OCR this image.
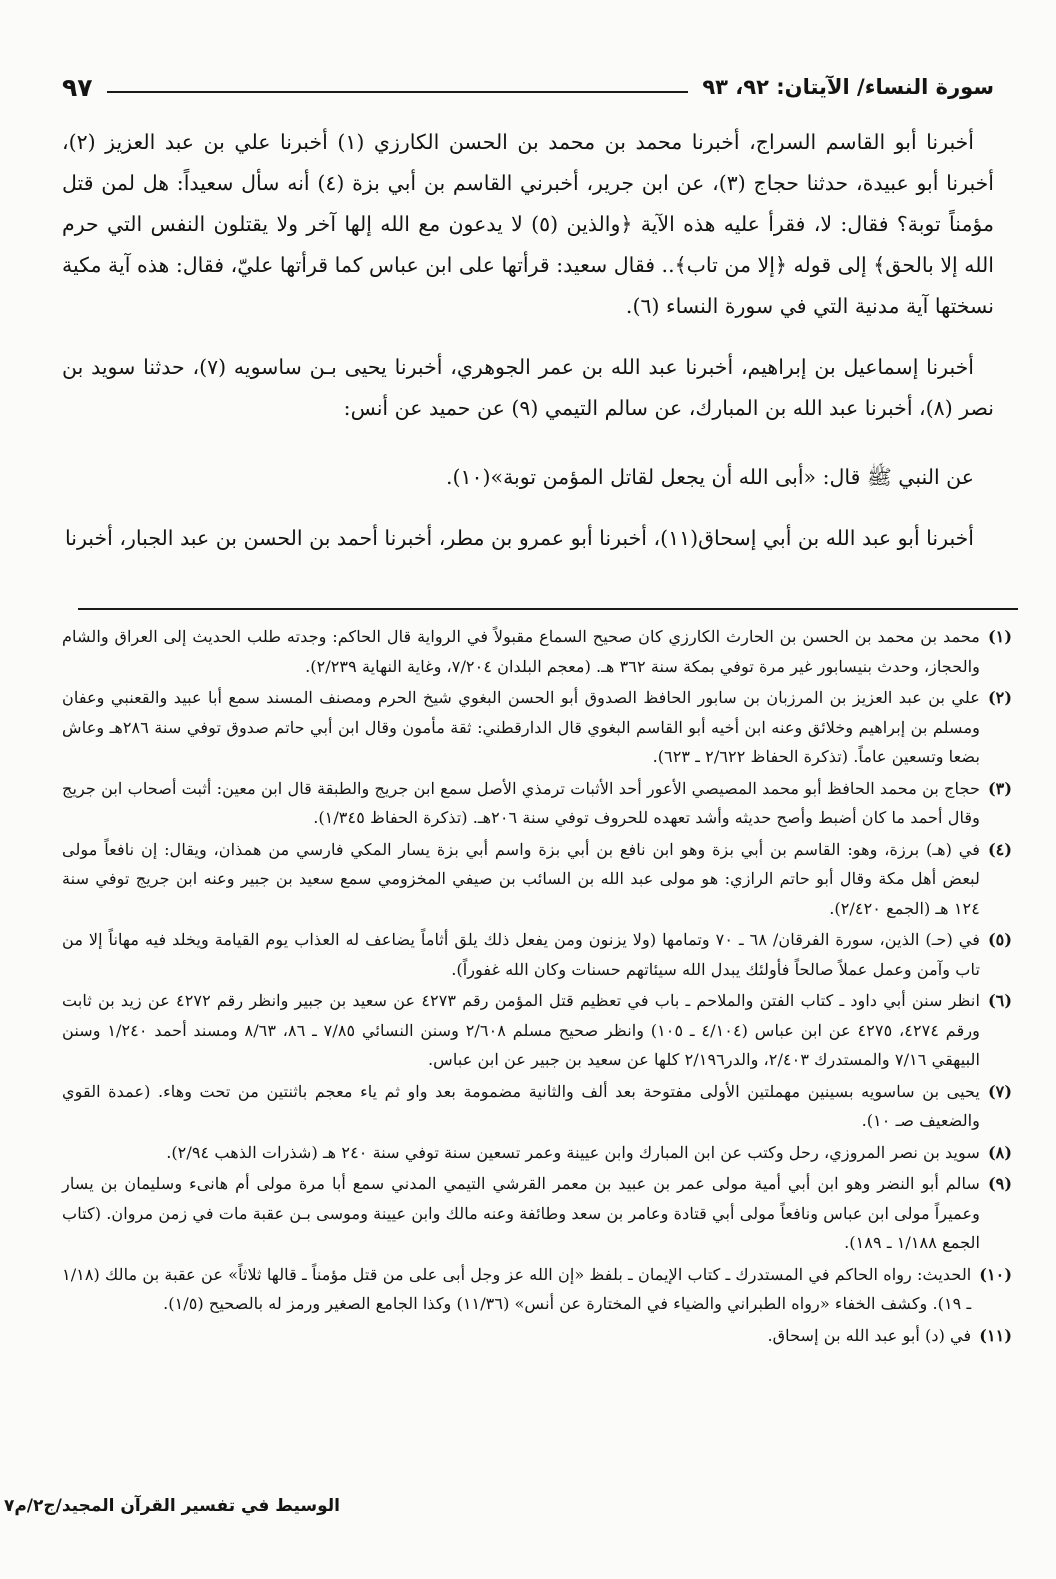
سورة النساء/ الآيتان: ٩٢، ٩٣
٩٧

أخبرنا أبو القاسم السراج، أخبرنا محمد بن محمد بن الحسن الكارزي (١) أخبرنا علي بن عبد العزيز (٢)، أخبرنا أبو عبيدة، حدثنا حجاج (٣)، عن ابن جرير، أخبرني القاسم بن أبي بزة (٤) أنه سأل سعيداً: هل لمن قتل مؤمناً توبة؟ فقال: لا، فقرأ عليه هذه الآية ﴿والذين (٥) لا يدعون مع الله إلها آخر ولا يقتلون النفس التي حرم الله إلا بالحق﴾ إلى قوله ﴿إلا من تاب﴾.. فقال سعيد: قرأتها على ابن عباس كما قرأتها عليّ، فقال: هذه آية مكية نسختها آية مدنية التي في سورة النساء (٦).

أخبرنا إسماعيل بن إبراهيم، أخبرنا عبد الله بن عمر الجوهري، أخبرنا يحيى بـن ساسويه (٧)، حدثنا سويد بن نصر (٨)، أخبرنا عبد الله بن المبارك، عن سالم التيمي (٩) عن حميد عن أنس:

عن النبي ﷺ قال: «أبى الله أن يجعل لقاتل المؤمن توبة»(١٠).

أخبرنا أبو عبد الله بن أبي إسحاق(١١)، أخبرنا أبو عمرو بن مطر، أخبرنا أحمد بن الحسن بن عبد الجبار، أخبرنا

(١)
محمد بن محمد بن الحسن بن الحارث الكارزي كان صحيح السماع مقبولاً في الرواية قال الحاكم: وجدته طلب الحديث إلى العراق والشام والحجاز، وحدث بنيسابور غير مرة توفي بمكة سنة ٣٦٢ هـ. (معجم البلدان ٧/٢٠٤، وغاية النهاية ٢/٢٣٩).
(٢)
علي بن عبد العزيز بن المرزبان بن سابور الحافظ الصدوق أبو الحسن البغوي شيخ الحرم ومصنف المسند سمع أبا عبيد والقعنبي وعفان ومسلم بن إبراهيم وخلائق وعنه ابن أخيه أبو القاسم البغوي قال الدارقطني: ثقة مأمون وقال ابن أبي حاتم صدوق توفي سنة ٢٨٦هـ وعاش بضعا وتسعين عاماً. (تذكرة الحفاظ ٢/٦٢٢ ـ ٦٢٣).
(٣)
حجاج بن محمد الحافظ أبو محمد المصيصي الأعور أحد الأثبات ترمذي الأصل سمع ابن جريج والطبقة قال ابن معين: أثبت أصحاب ابن جريج وقال أحمد ما كان أضبط وأصح حديثه وأشد تعهده للحروف توفي سنة ٢٠٦هـ. (تذكرة الحفاظ ١/٣٤٥).
(٤)
في (هـ) برزة، وهو: القاسم بن أبي بزة وهو ابن نافع بن أبي بزة واسم أبي بزة يسار المكي فارسي من همذان، ويقال: إن نافعاً مولى لبعض أهل مكة وقال أبو حاتم الرازي: هو مولى عبد الله بن السائب بن صيفي المخزومي سمع سعيد بن جبير وعنه ابن جريج توفي سنة ١٢٤ هـ (الجمع ٢/٤٢٠).
(٥)
في (حـ) الذين، سورة الفرقان/ ٦٨ ـ ٧٠ وتمامها (ولا يزنون ومن يفعل ذلك يلق أثاماً يضاعف له العذاب يوم القيامة ويخلد فيه مهاناً إلا من تاب وآمن وعمل عملاً صالحاً فأولئك يبدل الله سيئاتهم حسنات وكان الله غفوراً).
(٦)
انظر سنن أبي داود ـ كتاب الفتن والملاحم ـ باب في تعظيم قتل المؤمن رقم ٤٢٧٣ عن سعيد بن جبير وانظر رقم ٤٢٧٢ عن زيد بن ثابت ورقم ٤٢٧٤، ٤٢٧٥ عن ابن عباس (٤/١٠٤ ـ ١٠٥) وانظر صحيح مسلم ٢/٦٠٨ وسنن النسائي ٧/٨٥ ـ ٨٦، ٨/٦٣ ومسند أحمد ١/٢٤٠ وسنن البيهقي ٧/١٦ والمستدرك ٢/٤٠٣، والدر٢/١٩٦ كلها عن سعيد بن جبير عن ابن عباس.
(٧)
يحيى بن ساسويه بسينين مهملتين الأولى مفتوحة بعد ألف والثانية مضمومة بعد واو ثم ياء معجم باثنتين من تحت وهاء. (عمدة القوي والضعيف صـ ١٠).
(٨)
سويد بن نصر المروزي، رحل وكتب عن ابن المبارك وابن عيينة وعمر تسعين سنة توفي سنة ٢٤٠ هـ (شذرات الذهب ٢/٩٤).
(٩)
سالم أبو النضر وهو ابن أبي أمية مولى عمر بن عبيد بن معمر القرشي التيمي المدني سمع أبا مرة مولى أم هانىء وسليمان بن يسار وعميراً مولى ابن عباس ونافعاً مولى أبي قتادة وعامر بن سعد وطائفة وعنه مالك وابن عيينة وموسى بـن عقبة مات في زمن مروان. (كتاب الجمع ١/١٨٨ ـ ١٨٩).
(١٠)
الحديث: رواه الحاكم في المستدرك ـ كتاب الإيمان ـ بلفظ «إن الله عز وجل أبى على من قتل مؤمناً ـ قالها ثلاثاً» عن عقبة بن مالك (١/١٨ ـ ١٩). وكشف الخفاء «رواه الطبراني والضياء في المختارة عن أنس» (١١/٣٦) وكذا الجامع الصغير ورمز له بالصحيح (١/٥).
(١١)
في (د) أبو عبد الله بن إسحاق.
الوسيط في تفسير القرآن المجيد/ج٢/م٧
